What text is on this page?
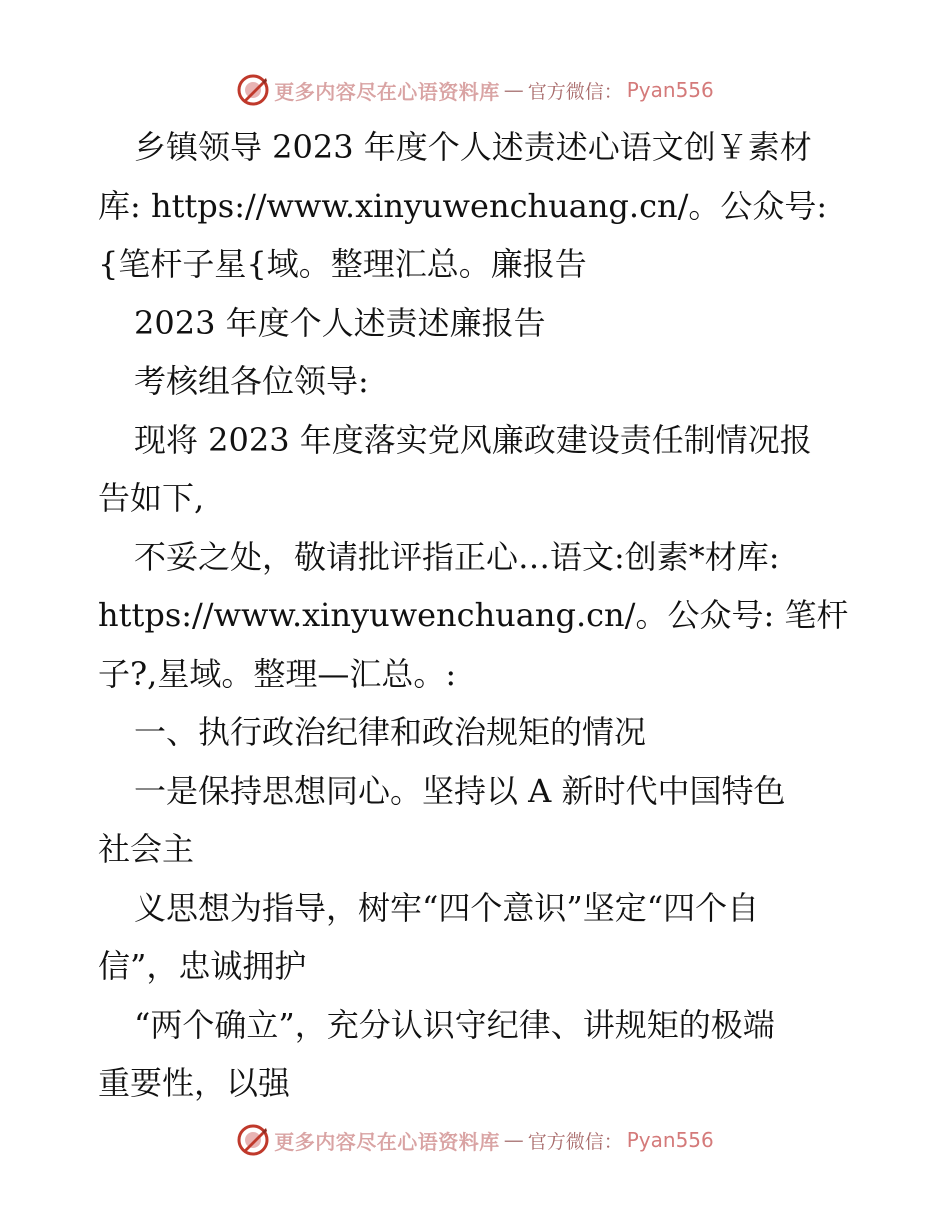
更多内容尽在心语资料库 — 官方微信： Pyan556
乡镇领导 2023 年度个人述责述心语文创￥素材
库: https://www.xinyuwenchuang.cn/。公众号:
{笔杆子星{域。整理汇总。廉报告
2023 年度个人述责述廉报告
考核组各位领导:
现将 2023 年度落实党风廉政建设责任制情况报
告如下,
不妥之处，敬请批评指正心…语文:创素*材库:
https://www.xinyuwenchuang.cn/。公众号: 笔杆
子?,星域。整理—汇总。:
一、执行政治纪律和政治规矩的情况
一是保持思想同心。坚持以 A 新时代中国特色
社会主
义思想为指导，树牢“四个意识”坚定“四个自
信”，忠诚拥护
“两个确立”，充分认识守纪律、讲规矩的极端
重要性，以强
更多内容尽在心语资料库 — 官方微信： Pyan556
